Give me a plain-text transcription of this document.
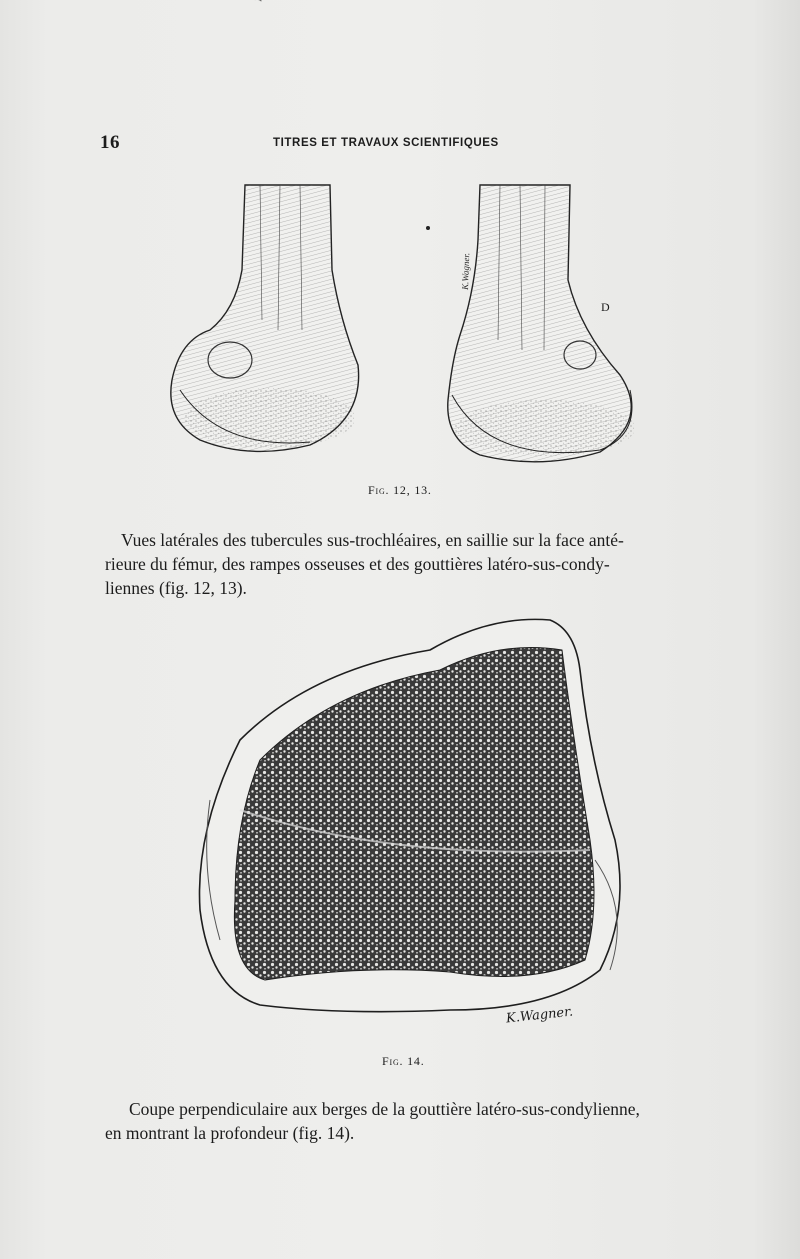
16	TITRES ET TRAVAUX SCIENTIFIQUES
K.Wagner.
D
Fig. 12, 13.
Vues latérales des tubercules sus-trochléaires, en saillie sur la face anté-
rieure du fémur, des rampes osseuses et des gouttières latéro-sus-condy-
liennes (fig. 12, 13).
K.Wagner.
Fig. 14.
Coupe perpendiculaire aux berges de la gouttière latéro-sus-condylienne,
en montrant la profondeur (fig. 14).
